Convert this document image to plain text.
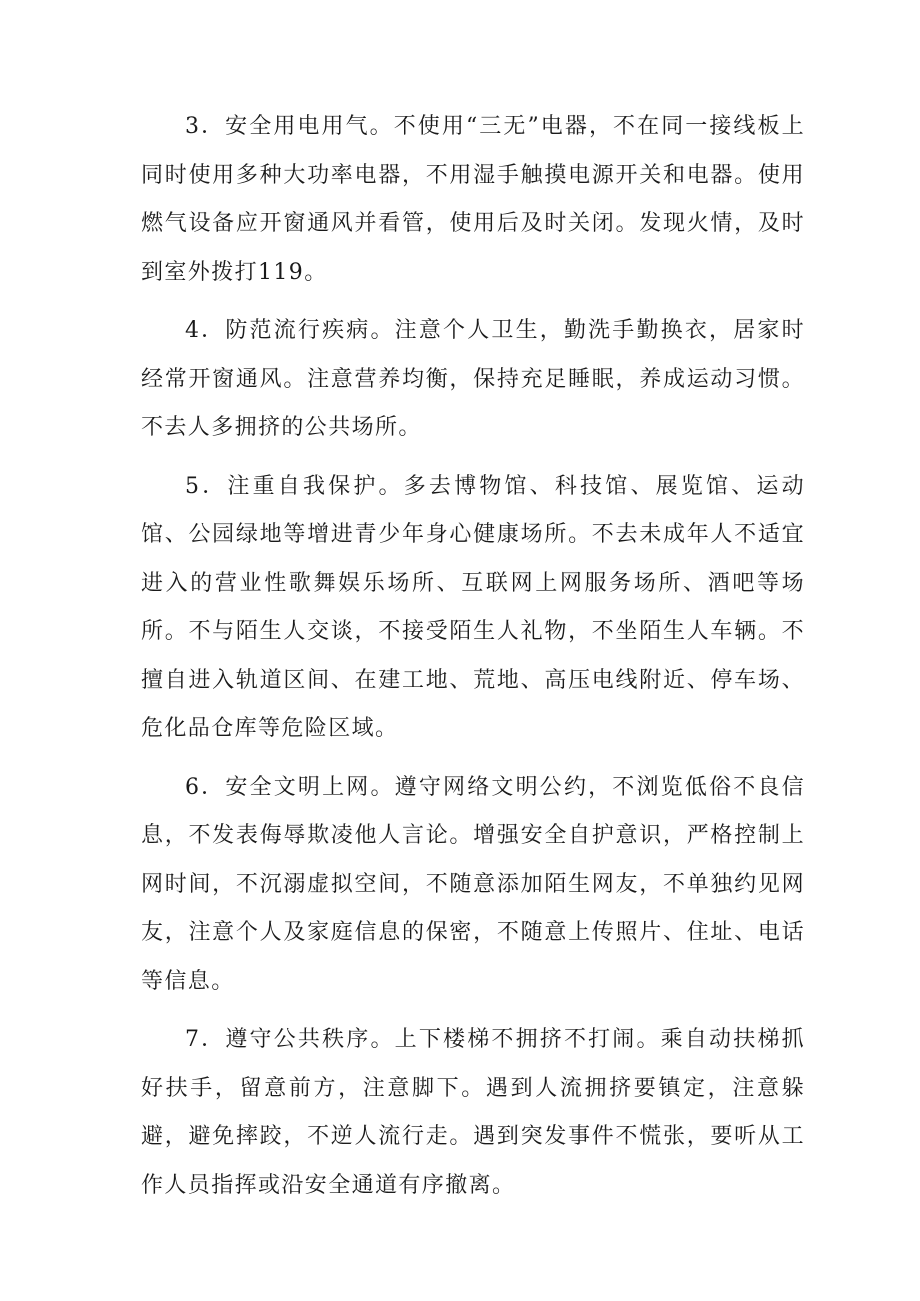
3．安全用电用气。不使用“三无”电器，不在同一接线板上同时使用多种大功率电器，不用湿手触摸电源开关和电器。使用燃气设备应开窗通风并看管，使用后及时关闭。发现火情，及时到室外拨打119。

4．防范流行疾病。注意个人卫生，勤洗手勤换衣，居家时经常开窗通风。注意营养均衡，保持充足睡眠，养成运动习惯。不去人多拥挤的公共场所。

5．注重自我保护。多去博物馆、科技馆、展览馆、运动馆、公园绿地等增进青少年身心健康场所。不去未成年人不适宜进入的营业性歌舞娱乐场所、互联网上网服务场所、酒吧等场所。不与陌生人交谈，不接受陌生人礼物，不坐陌生人车辆。不擅自进入轨道区间、在建工地、荒地、高压电线附近、停车场、危化品仓库等危险区域。

6．安全文明上网。遵守网络文明公约，不浏览低俗不良信息，不发表侮辱欺凌他人言论。增强安全自护意识，严格控制上网时间，不沉溺虚拟空间，不随意添加陌生网友，不单独约见网友，注意个人及家庭信息的保密，不随意上传照片、住址、电话等信息。

7．遵守公共秩序。上下楼梯不拥挤不打闹。乘自动扶梯抓好扶手，留意前方，注意脚下。遇到人流拥挤要镇定，注意躲避，避免摔跤，不逆人流行走。遇到突发事件不慌张，要听从工作人员指挥或沿安全通道有序撤离。
